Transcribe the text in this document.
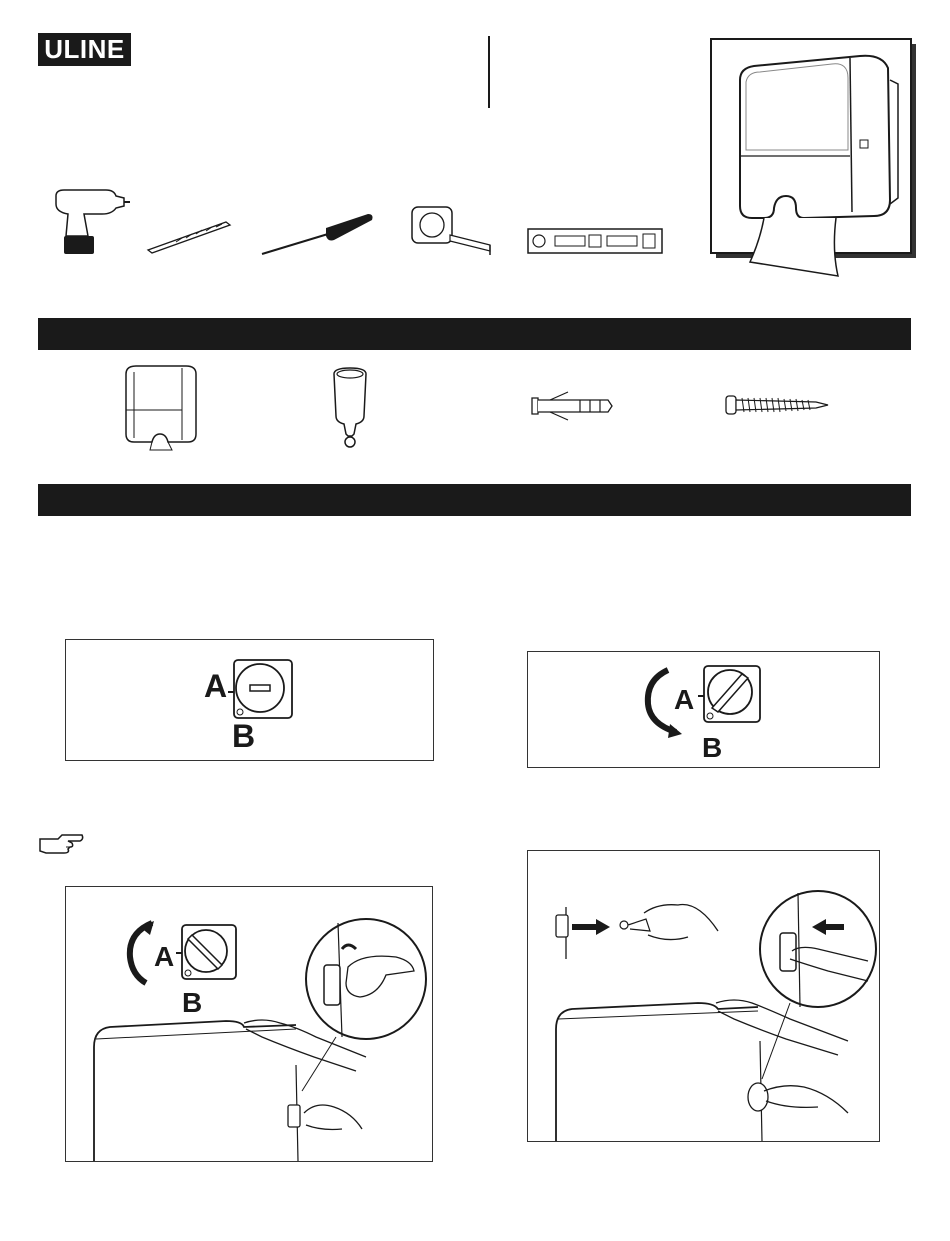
ULINE
A
B
A
B
A
B
